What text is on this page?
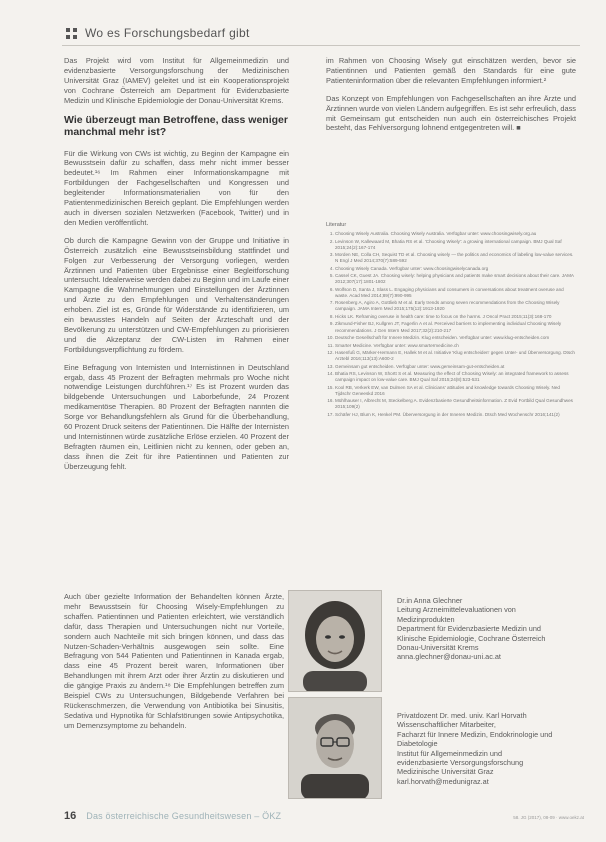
Wo es Forschungsbedarf gibt

Das Projekt wird vom Institut für Allgemeinmedizin und evidenzbasierte Versorgungsforschung der Medizinischen Universität Graz (IAMEV) geleitet und ist ein Kooperationsprojekt von Cochrane Österreich am Department für Evidenzbasierte Medizin und Klinische Epidemiologie der Donau-Universität Krems.

Wie überzeugt man Betroffene, dass weniger manchmal mehr ist?

Für die Wirkung von CWs ist wichtig, zu Beginn der Kampagne ein Bewusstsein dafür zu schaffen, dass mehr nicht immer besser bedeutet.¹⁶ Im Rahmen einer Informationskampagne mit Fortbildungen der Fachgesellschaften und Kongressen und begleitender Informationsmaterialien von für den Patientenmedizinischen Bereich geplant. Die Empfehlungen werden auch in diversen sozialen Netzwerken (Facebook, Twitter) und in den Medien veröffentlicht.

Ob durch die Kampagne Gewinn von der Gruppe und Initiative in Österreich zusätzlich eine Bewusstseinsbildung stattfindet und Folgen zur Verbesserung der Versorgung vorliegen, werden Ärztinnen und Patienten über Ergebnisse einer Begleitforschung untersucht. Idealerweise werden dabei zu Beginn und im Laufe einer Kampagne die Wahrnehmungen und Einstellungen der Ärztinnen und Ärzte zu den Empfehlungen und Verhaltensänderungen erhoben. Ziel ist es, Gründe für Widerstände zu identifizieren, um ein bewusstes Handeln auf Seiten der Ärzteschaft und der Bevölkerung zu unterstützen und CW-Empfehlungen zu priorisieren und die Akzeptanz der CW-Listen im Rahmen einer Fortbildungsverpflichtung zu fördern.

Eine Befragung von Internisten und Internistinnen in Deutschland ergab, dass 45 Prozent der Befragten mehrmals pro Woche nicht notwendige Leistungen durchführen.¹⁷ Es ist Prozent wurden das bildgebende Untersuchungen und Laborbefunde, 24 Prozent medikamentöse Therapien. 80 Prozent der Befragten nannten die Sorge vor Behandlungsfehlern als Grund für die Überbehandlung, 60 Prozent Druck seitens der Patientinnen. Die Hälfte der Internisten und Internistinnen würde zusätzliche Erlöse erzielen. 40 Prozent der Befragten räumen ein, Leitlinien nicht zu kennen, oder geben an, dass ihnen die Zeit für ihre Patientinnen und Patienten zur Überzeugung fehlt.

im Rahmen von Choosing Wisely gut einschätzen werden, bevor sie Patientinnen und Patienten gemäß den Standards für eine gute Patienteninformation über die relevanten Empfehlungen informiert.²

Das Konzept von Empfehlungen von Fachgesellschaften an ihre Ärzte und Ärztinnen wurde von vielen Ländern aufgegriffen. Es ist sehr erfreulich, dass mit Gemeinsam gut entscheiden nun auch ein österreichisches Projekt besteht, das Fehlversorgung lohnend entgegentreten will. ■

Literatur
1. Choosing Wisely Australia. Choosing Wisely Australia. Verfügbar unter: www.choosingwisely.org.au
2. Levinson W, Kallewaard M, Bhatia RS et al. 'Choosing Wisely': a growing international campaign. BMJ Qual Saf 2015;24(2):167-174
3. Morden NE, Colla CH, Sequist TD et al. Choosing wisely — the politics and economics of labeling low-value services. N Engl J Med 2014;370(7):589-592
4. Choosing Wisely Canada. Verfügbar unter: www.choosingwiselycanada.org
5. Cassel CK, Guest JA. Choosing wisely: helping physicians and patients make smart decisions about their care. JAMA 2012;307(17):1801-1802
6. Wolfson D, Santa J, Slass L. Engaging physicians and consumers in conversations about treatment overuse and waste. Acad Med 2014;89(7):990-995
7. Rosenberg A, Agiro A, Gottlieb M et al. Early trends among seven recommendations from the Choosing Wisely campaign. JAMA Intern Med 2015;175(12):1913-1920
8. Hicks LK. Reframing overuse in health care: time to focus on the harms. J Oncol Pract 2015;11(3):168-170
9. Zikmund-Fisher BJ, Kullgren JT, Fagerlin A et al. Perceived barriers to implementing individual Choosing Wisely recommendations. J Gen Intern Med 2017;32(2):210-217
10. Deutsche Gesellschaft für Innere Medizin. Klug entscheiden. Verfügbar unter: www.klug-entscheiden.com
11. Smarter Medicine. Verfügbar unter: www.smartermedicine.ch
12. Hasenfuß G, Märker-Hermann E, Hallek M et al. Initiative 'Klug entscheiden' gegen Unter- und Überversorgung. Dtsch Arztebl 2016;113(13):A600-2
13. Gemeinsam gut entscheiden. Verfügbar unter: www.gemeinsam-gut-entscheiden.at
14. Bhatia RS, Levinson W, Shortt S et al. Measuring the effect of Choosing Wisely: an integrated framework to assess campaign impact on low-value care. BMJ Qual Saf 2015;24(8):523-531
15. Kool RB, Verkerk EW, van Dulmen SA et al. Clinicians' attitudes and knowledge towards Choosing Wisely. Ned Tijdschr Geneeskd 2016
16. Mühlhauser I, Albrecht M, Steckelberg A. Evidenzbasierte Gesundheitsinformation. Z Evid Fortbild Qual Gesundhwes 2015;109(2)
17. Schäfer HJ, Blum K, Henkel PM. Überversorgung in der Inneren Medizin. Dtsch Med Wochenschr 2016;141(2)
Auch über gezielte Information der Behandelten können Ärzte, mehr Bewusstsein für Choosing Wisely-Empfehlungen zu schaffen. Patientinnen und Patienten erleichtert, wie verständlich dafür, dass Therapien und Untersuchungen nicht nur Vorteile, sondern auch Nachteile mit sich bringen können, und dass das Nutzen-Schaden-Verhältnis ausgewogen sein sollte. Eine Befragung von 544 Patienten und Patientinnen in Kanada ergab, dass eine 45 Prozent bereit waren, Informationen über Behandlungen mit ihrem Arzt oder ihrer Ärztin zu diskutieren und die gängige Praxis zu ändern.¹⁸ Die Empfehlungen betreffen zum Beispiel CWs zu Untersuchungen, Bildgebende Verfahren bei Rückenschmerzen, die Verwendung von Antibiotika bei Sinusitis, Sedativa und Hypnotika für Schlafstörungen sowie Antipsychotika, um Demenzsymptome zu behandeln.
Dr.in Anna Glechner
Leitung Arzneimittelevaluationen von
Medizinprodukten
Department für Evidenzbasierte Medizin und
Klinische Epidemiologie, Cochrane Österreich
Donau-Universität Krems
anna.glechner@donau-uni.ac.at
Privatdozent Dr. med. univ. Karl Horvath
Wissenschaftlicher Mitarbeiter,
Facharzt für Innere Medizin, Endokrinologie und
Diabetologie
Institut für Allgemeinmedizin und
evidenzbasierte Versorgungsforschung
Medizinische Universität Graz
karl.horvath@medunigraz.at
16 Das österreichische Gesundheitswesen – ÖKZ	58. JG (2017), 08-09 · www.oekz.at
